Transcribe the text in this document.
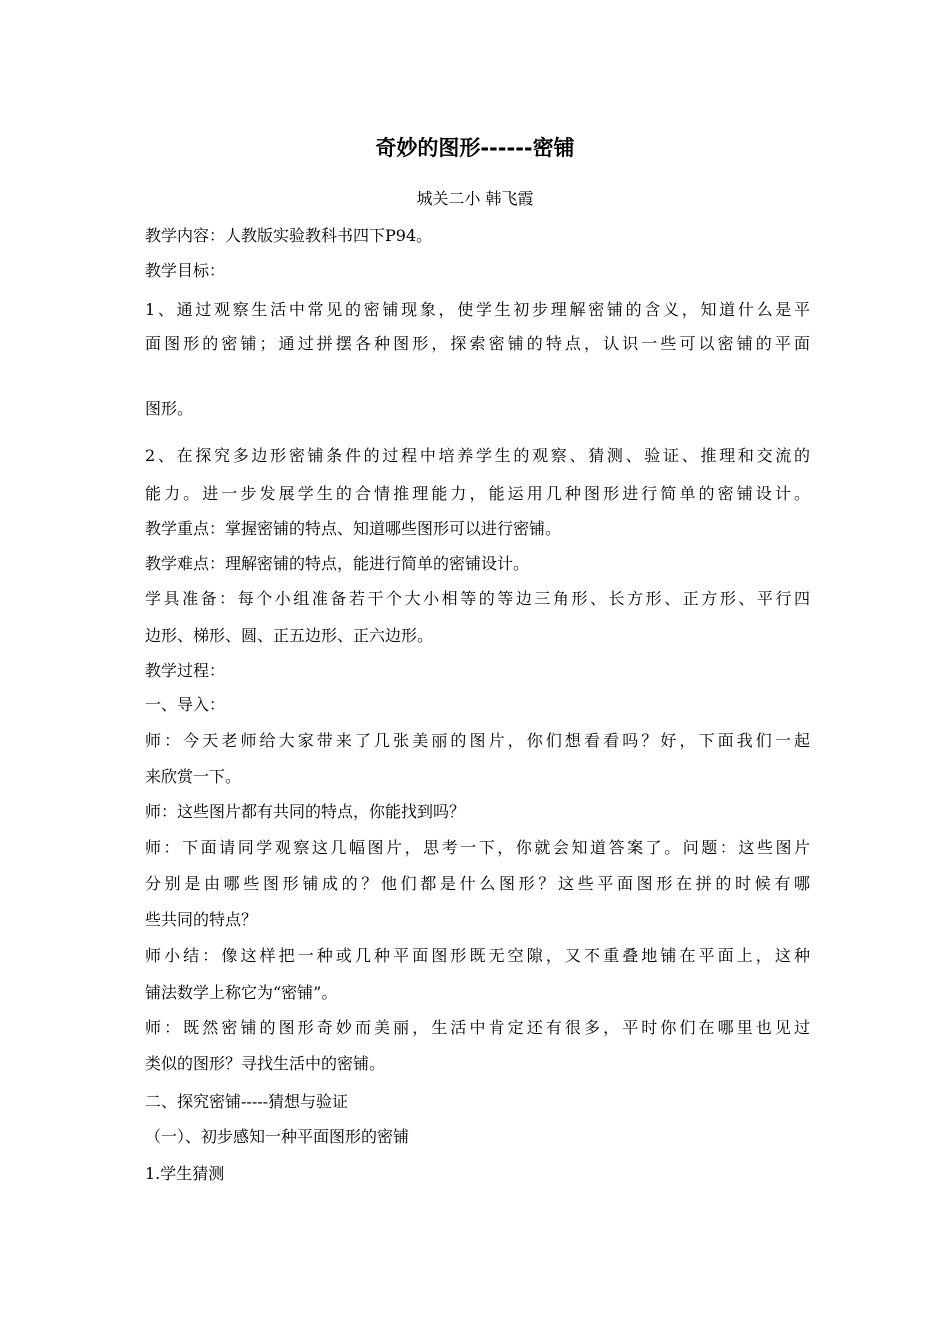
奇妙的图形------密铺
城关二小 韩飞霞
教学内容：人教版实验教科书四下P94。
教学目标：
1、通过观察生活中常见的密铺现象，使学生初步理解密铺的含义，知道什么是平
面图形的密铺；通过拼摆各种图形，探索密铺的特点，认识一些可以密铺的平面
图形。
2、在探究多边形密铺条件的过程中培养学生的观察、猜测、验证、推理和交流的
能力。进一步发展学生的合情推理能力，能运用几种图形进行简单的密铺设计。
教学重点：掌握密铺的特点、知道哪些图形可以进行密铺。
教学难点：理解密铺的特点，能进行简单的密铺设计。
学具准备：每个小组准备若干个大小相等的等边三角形、长方形、正方形、平行四
边形、梯形、圆、正五边形、正六边形。
教学过程：
一、导入：
师：今天老师给大家带来了几张美丽的图片，你们想看看吗？好，下面我们一起
来欣赏一下。
师：这些图片都有共同的特点，你能找到吗？
师：下面请同学观察这几幅图片，思考一下，你就会知道答案了。问题：这些图片
分别是由哪些图形铺成的？他们都是什么图形？这些平面图形在拼的时候有哪
些共同的特点？
师小结：像这样把一种或几种平面图形既无空隙，又不重叠地铺在平面上，这种
铺法数学上称它为“密铺”。
师：既然密铺的图形奇妙而美丽，生活中肯定还有很多，平时你们在哪里也见过
类似的图形？寻找生活中的密铺。
二、探究密铺-----猜想与验证
（一）、初步感知一种平面图形的密铺
1.学生猜测
